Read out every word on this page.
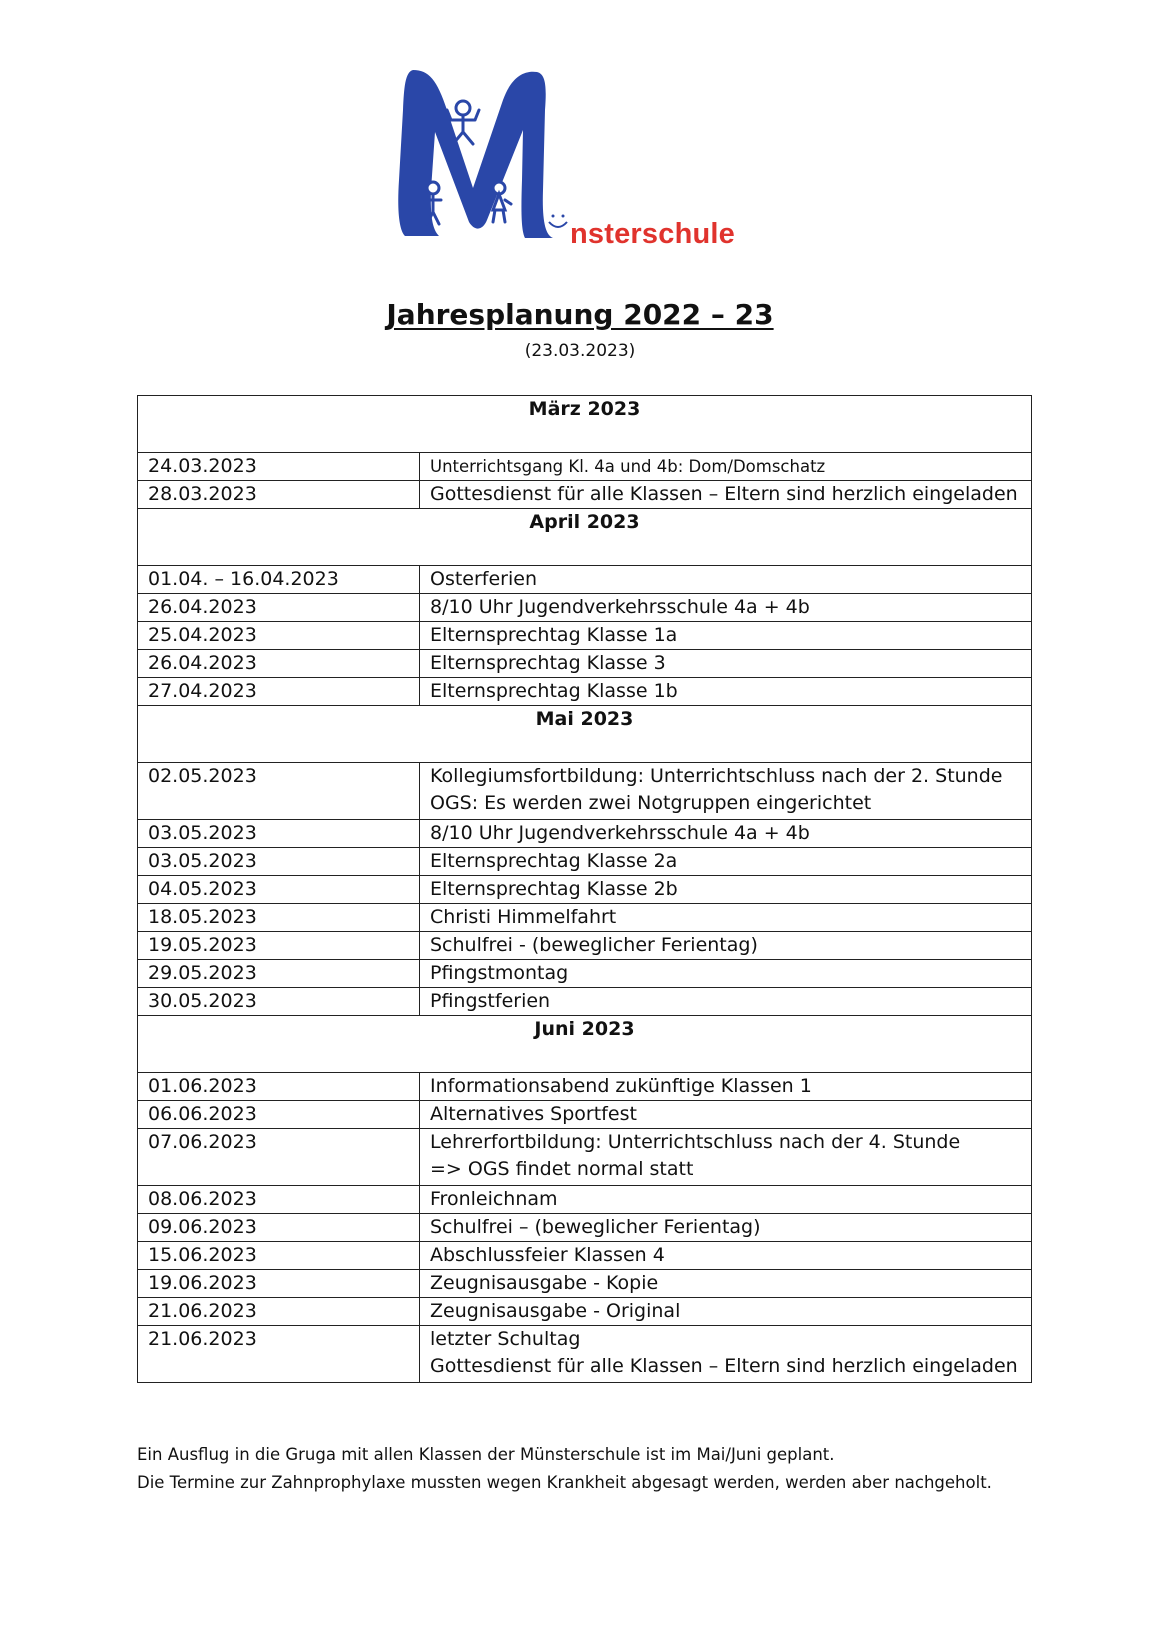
nsterschule
Jahresplanung 2022 – 23
(23.03.2023)
März 2023	
24.03.2023	Unterrichtsgang Kl. 4a und 4b: Dom/Domschatz

28.03.2023	Gottesdienst für alle Klassen – Eltern sind herzlich eingeladen

April 2023	
01.04. – 16.04.2023	Osterferien

26.04.2023	8/10 Uhr Jugendverkehrsschule 4a + 4b

25.04.2023	Elternsprechtag Klasse 1a

26.04.2023	Elternsprechtag Klasse 3

27.04.2023	Elternsprechtag Klasse 1b

Mai 2023	
02.05.2023	Kollegiumsfortbildung: Unterrichtschluss nach der 2. Stunde
OGS: Es werden zwei Notgruppen eingerichtet

03.05.2023	8/10 Uhr Jugendverkehrsschule 4a + 4b

03.05.2023	Elternsprechtag Klasse 2a

04.05.2023	Elternsprechtag Klasse 2b

18.05.2023	Christi Himmelfahrt

19.05.2023	Schulfrei - (beweglicher Ferientag)

29.05.2023	Pfingstmontag

30.05.2023	Pfingstferien

Juni 2023	
01.06.2023	Informationsabend zukünftige Klassen 1

06.06.2023	Alternatives Sportfest

07.06.2023	Lehrerfortbildung: Unterrichtschluss nach der 4. Stunde
=> OGS findet normal statt

08.06.2023	Fronleichnam

09.06.2023	Schulfrei – (beweglicher Ferientag)

15.06.2023	Abschlussfeier Klassen 4

19.06.2023	Zeugnisausgabe - Kopie

21.06.2023	Zeugnisausgabe - Original

21.06.2023	letzter Schultag
Gottesdienst für alle Klassen – Eltern sind herzlich eingeladen
Ein Ausflug in die Gruga mit allen Klassen der Münsterschule ist im Mai/Juni geplant.
Die Termine zur Zahnprophylaxe mussten wegen Krankheit abgesagt werden, werden aber nachgeholt.
